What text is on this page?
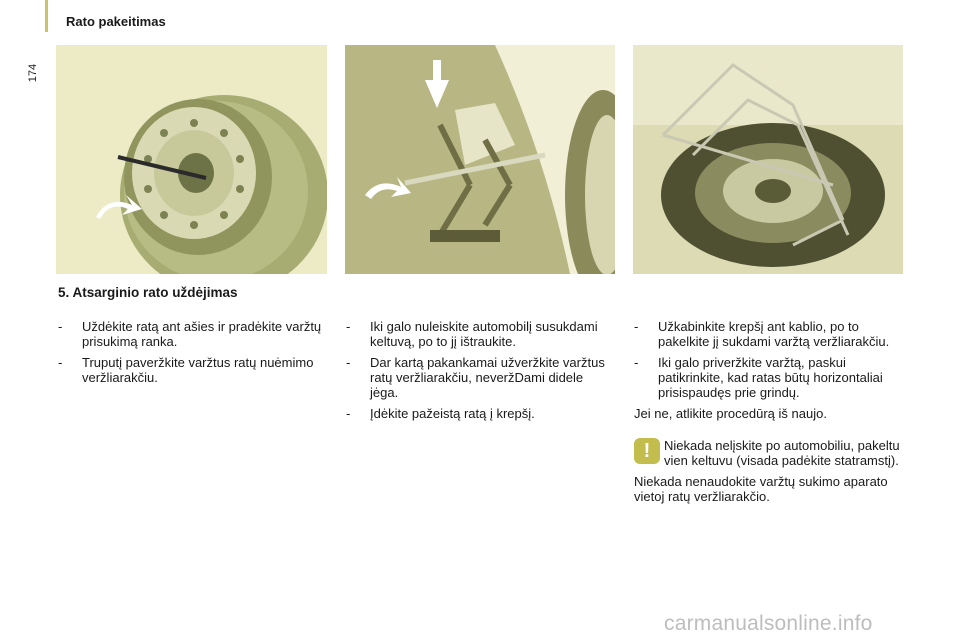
174
Rato pakeitimas
5. Atsarginio rato uždėjimas
- Uždėkite ratą ant ašies ir pradėkite varžtų prisukimą ranka.
- Truputį paveržkite varžtus ratų nuėmimo veržliarakčiu.
- Iki galo nuleiskite automobilį susukdami keltuvą, po to jį ištraukite.
- Dar kartą pakankamai užveržkite varžtus ratų veržliarakčiu, neveržDami didele jėga.
- Įdėkite pažeistą ratą į krepšį.
- Užkabinkite krepšį ant kablio, po to pakelkite jį sukdami varžtą veržliarakčiu.
- Iki galo priveržkite varžtą, paskui patikrinkite, kad ratas būtų horizontaliai prisispaudęs prie grindų.
Jei ne, atlikite procedūrą iš naujo.
!	Niekada nelįskite po automobiliu, pakeltu vien keltuvu (visada padėkite statramstį).
Niekada nenaudokite varžtų sukimo aparato vietoj ratų veržliarakčio.
carmanualsonline.info
